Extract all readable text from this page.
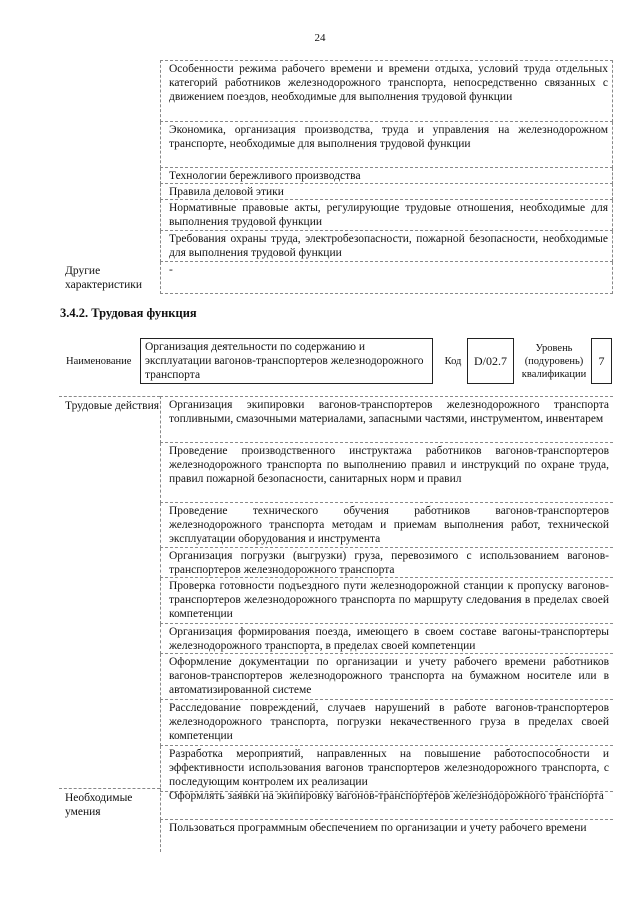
24
Особенности режима рабочего времени и времени отдыха, условий труда отдельных категорий работников железнодорожного транспорта, непосредственно связанных с движением поездов, необходимые для выполнения трудовой функции
Экономика, организация производства, труда и управления на железнодорожном транспорте, необходимые для выполнения трудовой функции
Технологии бережливого производства
Правила деловой этики
Нормативные правовые акты, регулирующие трудовые отношения, необходимые для выполнения трудовой функции
Требования охраны труда, электробезопасности, пожарной безопасности, необходимые для выполнения трудовой функции
Другие характеристики
-
3.4.2. Трудовая функция
Наименование
Организация деятельности по содержанию и эксплуатации вагонов-транспортеров железнодорожного транспорта
Код	D/02.7
Уровень (подуровень) квалификации
7
Трудовые действия Организация экипировки вагонов-транспортеров железнодорожного транспорта топливными, смазочными материалами, запасными частями, инструментом, инвентарем
Проведение производственного инструктажа работников вагонов-транспортеров железнодорожного транспорта по выполнению правил и инструкций по охране труда, правил пожарной безопасности, санитарных норм и правил
Проведение технического обучения работников вагонов-транспортеров железнодорожного транспорта методам и приемам выполнения работ, технической эксплуатации оборудования и инструмента
Организация погрузки (выгрузки) груза, перевозимого с использованием вагонов-транспортеров железнодорожного транспорта
Проверка готовности подъездного пути железнодорожной станции к пропуску вагонов-транспортеров железнодорожного транспорта по маршруту следования в пределах своей компетенции
Организация формирования поезда, имеющего в своем составе вагоны-транспортеры железнодорожного транспорта, в пределах своей компетенции
Оформление документации по организации и учету рабочего времени работников вагонов-транспортеров железнодорожного транспорта на бумажном носителе или в автоматизированной системе
Расследование повреждений, случаев нарушений в работе вагонов-транспортеров железнодорожного транспорта, погрузки некачественного груза в пределах своей компетенции
Разработка мероприятий, направленных на повышение работоспособности и эффективности использования вагонов транспортеров железнодорожного транспорта, с последующим контролем их реализации
Необходимые умения
Оформлять заявки на экипировку вагонов-транспортеров железнодорожного транспорта
Пользоваться программным обеспечением по организации и учету рабочего времени
